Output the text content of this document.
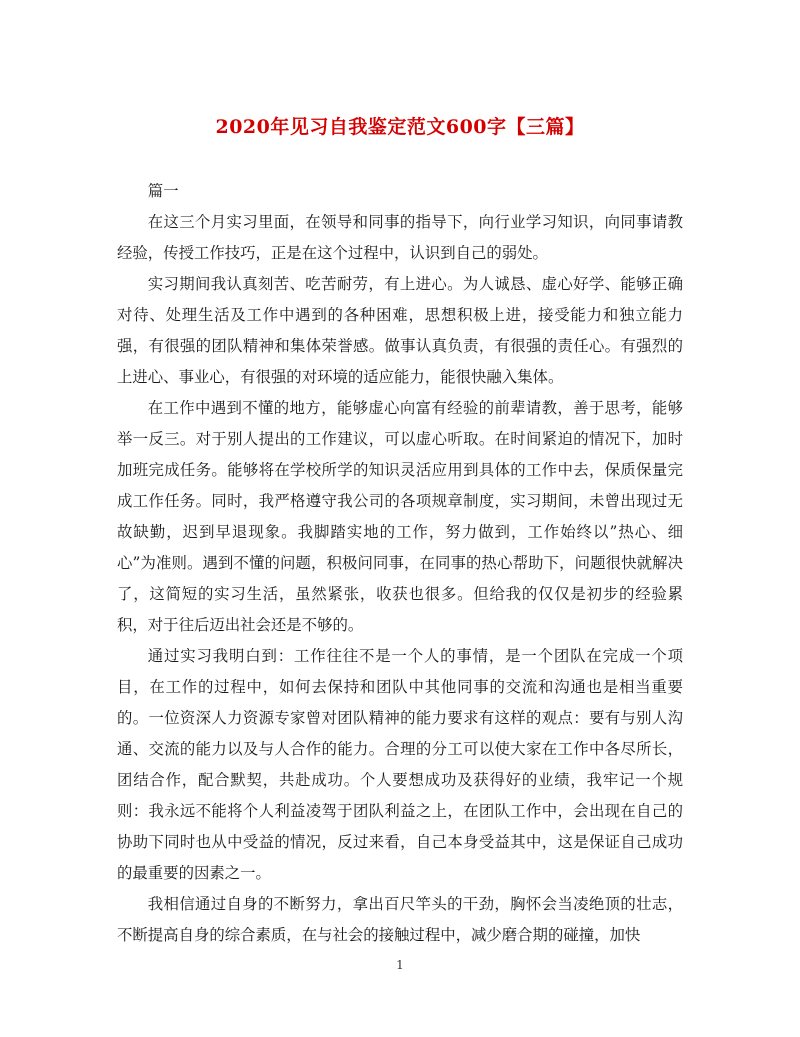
2020年见习自我鉴定范文600字【三篇】

篇一

在这三个月实习里面，在领导和同事的指导下，向行业学习知识，向同事请教经验，传授工作技巧，正是在这个过程中，认识到自己的弱处。

实习期间我认真刻苦、吃苦耐劳，有上进心。为人诚恳、虚心好学、能够正确对待、处理生活及工作中遇到的各种困难，思想积极上进，接受能力和独立能力强，有很强的团队精神和集体荣誉感。做事认真负责，有很强的责任心。有强烈的上进心、事业心，有很强的对环境的适应能力，能很快融入集体。

在工作中遇到不懂的地方，能够虚心向富有经验的前辈请教，善于思考，能够举一反三。对于别人提出的工作建议，可以虚心听取。在时间紧迫的情况下，加时加班完成任务。能够将在学校所学的知识灵活应用到具体的工作中去，保质保量完成工作任务。同时，我严格遵守我公司的各项规章制度，实习期间，未曾出现过无故缺勤，迟到早退现象。我脚踏实地的工作，努力做到，工作始终以”热心、细心”为准则。遇到不懂的问题，积极问同事，在同事的热心帮助下，问题很快就解决了，这简短的实习生活，虽然紧张，收获也很多。但给我的仅仅是初步的经验累积，对于往后迈出社会还是不够的。

通过实习我明白到：工作往往不是一个人的事情，是一个团队在完成一个项目，在工作的过程中，如何去保持和团队中其他同事的交流和沟通也是相当重要的。一位资深人力资源专家曾对团队精神的能力要求有这样的观点：要有与别人沟通、交流的能力以及与人合作的能力。合理的分工可以使大家在工作中各尽所长，团结合作，配合默契，共赴成功。个人要想成功及获得好的业绩，我牢记一个规则：我永远不能将个人利益凌驾于团队利益之上，在团队工作中，会出现在自己的协助下同时也从中受益的情况，反过来看，自己本身受益其中，这是保证自己成功的最重要的因素之一。

我相信通过自身的不断努力，拿出百尺竿头的干劲，胸怀会当凌绝顶的壮志，不断提高自身的综合素质，在与社会的接触过程中，减少磨合期的碰撞，加快

1
